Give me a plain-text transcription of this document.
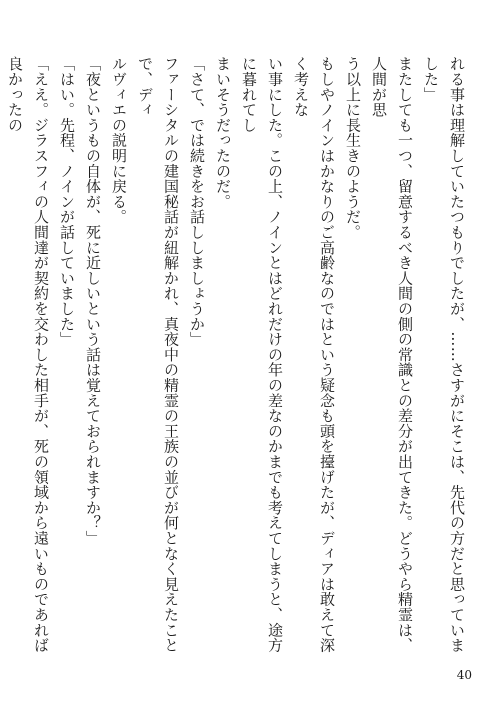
れる事は理解していたつもりでしたが、……さすがにそこは、先代の方だと思っていました」

またしても一つ、留意するべき人間の側の常識との差分が出てきた。どうやら精霊は、人間が思

う以上に長生きのようだ。

もしやノインはかなりのご高齢なのではという疑念も頭を擡げたが、ディアは敢えて深く考えな

い事にした。この上、ノインとはどれだけの年の差なのかまでも考えてしまうと、途方に暮れてし

まいそうだったのだ。

「さて、では続きをお話ししましょうか」

ファーシタルの建国秘話が紐解かれ、真夜中の精霊の王族の並びが何となく見えたことで、ディ

ルヴィエの説明に戻る。

「夜というもの自体が、死に近しいという話は覚えておられますか？」

「はい。先程、ノインが話していました」

「ええ。ジラスフィの人間達が契約を交わした相手が、死の領域から遠いものであれば良かったの

40
